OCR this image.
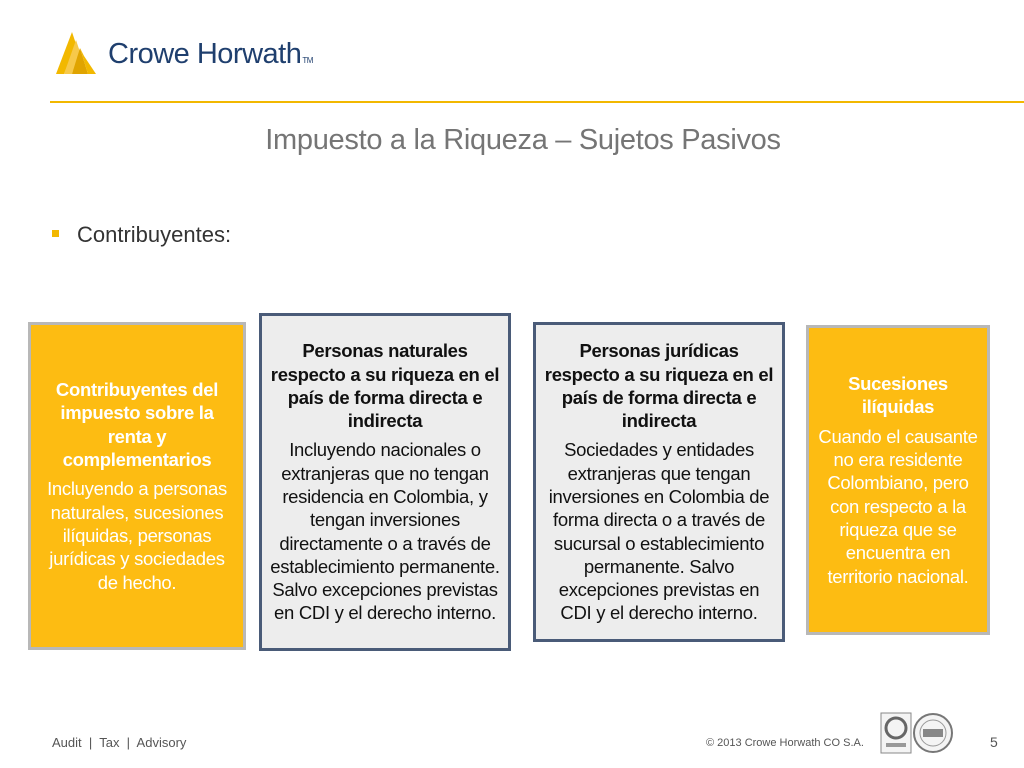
Crowe HorwathTM
Impuesto a la Riqueza – Sujetos Pasivos
Contribuyentes:
Contribuyentes del impuesto sobre la renta y complementarios
Incluyendo a personas naturales, sucesiones ilíquidas, personas jurídicas y sociedades de hecho.
Personas naturales respecto a su riqueza en el país de forma directa e indirecta
Incluyendo nacionales o extranjeras que no tengan residencia en Colombia, y tengan inversiones directamente o a través de establecimiento permanente. Salvo excepciones previstas en CDI y el derecho interno.
Personas jurídicas respecto a su riqueza en el país de forma directa e indirecta
Sociedades y entidades extranjeras que tengan inversiones en Colombia de forma directa o a través de sucursal o establecimiento permanente. Salvo excepciones previstas en CDI y el derecho interno.
Sucesiones ilíquidas
Cuando el causante no era residente Colombiano, pero con respecto a la riqueza que se encuentra en territorio nacional.
Audit  |  Tax  |  Advisory	© 2013 Crowe Horwath CO S.A.	5
